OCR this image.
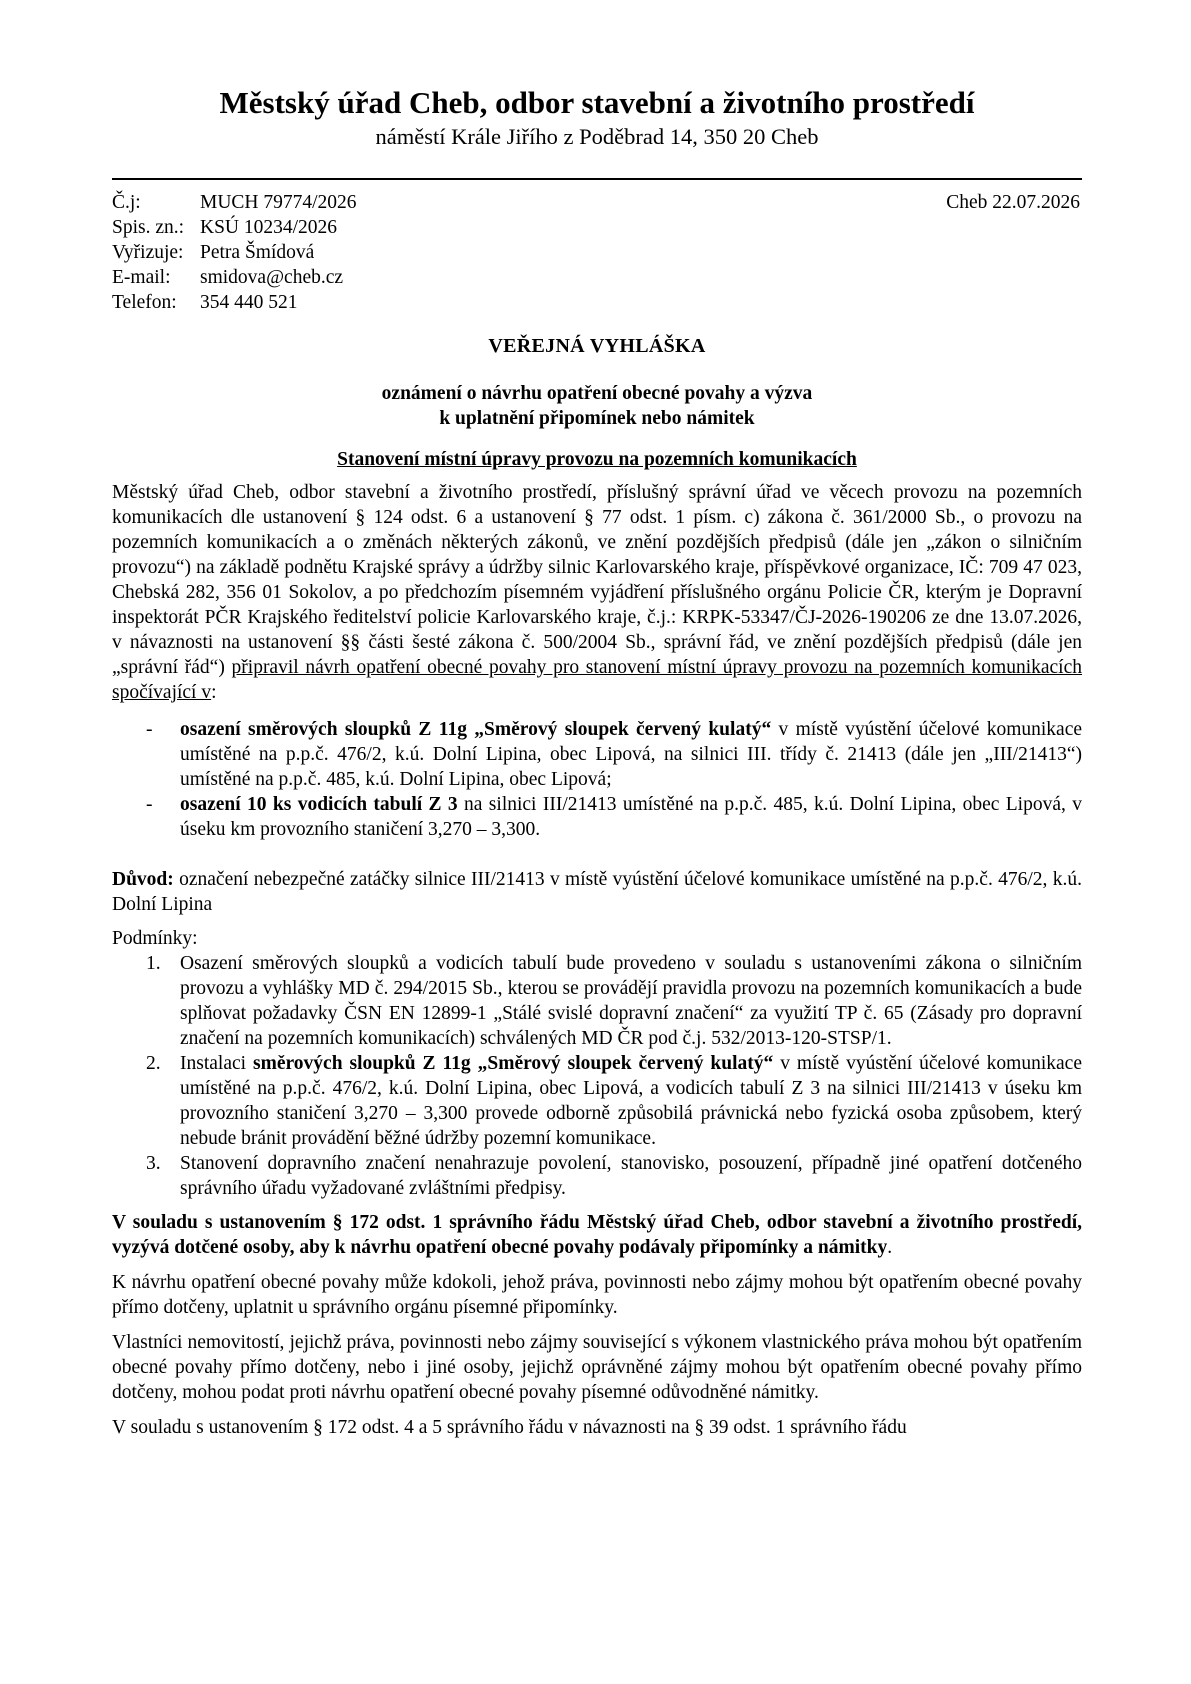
Městský úřad Cheb, odbor stavební a životního prostředí
náměstí Krále Jiřího z Poděbrad 14, 350 20 Cheb
Č.j:	MUCH 79774/2026
Spis. zn.: KSÚ 10234/2026
Vyřizuje: Petra Šmídová
E-mail:	smidova@cheb.cz
Telefon:	354 440 521
Cheb 22.07.2026
VEŘEJNÁ VYHLÁŠKA
oznámení o návrhu opatření obecné povahy a výzva
k uplatnění připomínek nebo námitek
Stanovení místní úpravy provozu na pozemních komunikacích

Městský úřad Cheb, odbor stavební a životního prostředí, příslušný správní úřad ve věcech provozu na pozemních komunikacích dle ustanovení § 124 odst. 6 a ustanovení § 77 odst. 1 písm. c) zákona č. 361/2000 Sb., o provozu na pozemních komunikacích a o změnách některých zákonů, ve znění pozdějších předpisů (dále jen „zákon o silničním provozu“) na základě podnětu Krajské správy a údržby silnic Karlovarského kraje, příspěvkové organizace, IČ: 709 47 023, Chebská 282, 356 01 Sokolov, a po předchozím písemném vyjádření příslušného orgánu Policie ČR, kterým je Dopravní inspektorát PČR Krajského ředitelství policie Karlovarského kraje, č.j.: KRPK-53347/ČJ-2026-190206 ze dne 13.07.2026, v návaznosti na ustanovení §§ části šesté zákona č. 500/2004 Sb., správní řád, ve znění pozdějších předpisů (dále jen „správní řád“) připravil návrh opatření obecné povahy pro stanovení místní úpravy provozu na pozemních komunikacích spočívající v:

- osazení směrových sloupků Z 11g „Směrový sloupek červený kulatý“ v místě vyústění účelové komunikace umístěné na p.p.č. 476/2, k.ú. Dolní Lipina, obec Lipová, na silnici III. třídy č. 21413 (dále jen „III/21413“) umístěné na p.p.č. 485, k.ú. Dolní Lipina, obec Lipová;
- osazení 10 ks vodicích tabulí Z 3 na silnici III/21413 umístěné na p.p.č. 485, k.ú. Dolní Lipina, obec Lipová, v úseku km provozního staničení 3,270 – 3,300.

Důvod: označení nebezpečné zatáčky silnice III/21413 v místě vyústění účelové komunikace umístěné na p.p.č. 476/2, k.ú. Dolní Lipina

Podmínky:

1. Osazení směrových sloupků a vodicích tabulí bude provedeno v souladu s ustanoveními zákona o silničním provozu a vyhlášky MD č. 294/2015 Sb., kterou se provádějí pravidla provozu na pozemních komunikacích a bude splňovat požadavky ČSN EN 12899-1 „Stálé svislé dopravní značení“ za využití TP č. 65 (Zásady pro dopravní značení na pozemních komunikacích) schválených MD ČR pod č.j. 532/2013-120-STSP/1.
2. Instalaci směrových sloupků Z 11g „Směrový sloupek červený kulatý“ v místě vyústění účelové komunikace umístěné na p.p.č. 476/2, k.ú. Dolní Lipina, obec Lipová, a vodicích tabulí Z 3 na silnici III/21413 v úseku km provozního staničení 3,270 – 3,300 provede odborně způsobilá právnická nebo fyzická osoba způsobem, který nebude bránit provádění běžné údržby pozemní komunikace.
3. Stanovení dopravního značení nenahrazuje povolení, stanovisko, posouzení, případně jiné opatření dotčeného správního úřadu vyžadované zvláštními předpisy.

V souladu s ustanovením § 172 odst. 1 správního řádu Městský úřad Cheb, odbor stavební a životního prostředí, vyzývá dotčené osoby, aby k návrhu opatření obecné povahy podávaly připomínky a námitky.

K návrhu opatření obecné povahy může kdokoli, jehož práva, povinnosti nebo zájmy mohou být opatřením obecné povahy přímo dotčeny, uplatnit u správního orgánu písemné připomínky.

Vlastníci nemovitostí, jejichž práva, povinnosti nebo zájmy související s výkonem vlastnického práva mohou být opatřením obecné povahy přímo dotčeny, nebo i jiné osoby, jejichž oprávněné zájmy mohou být opatřením obecné povahy přímo dotčeny, mohou podat proti návrhu opatření obecné povahy písemné odůvodněné námitky.

V souladu s ustanovením § 172 odst. 4 a 5 správního řádu v návaznosti na § 39 odst. 1 správního řádu
